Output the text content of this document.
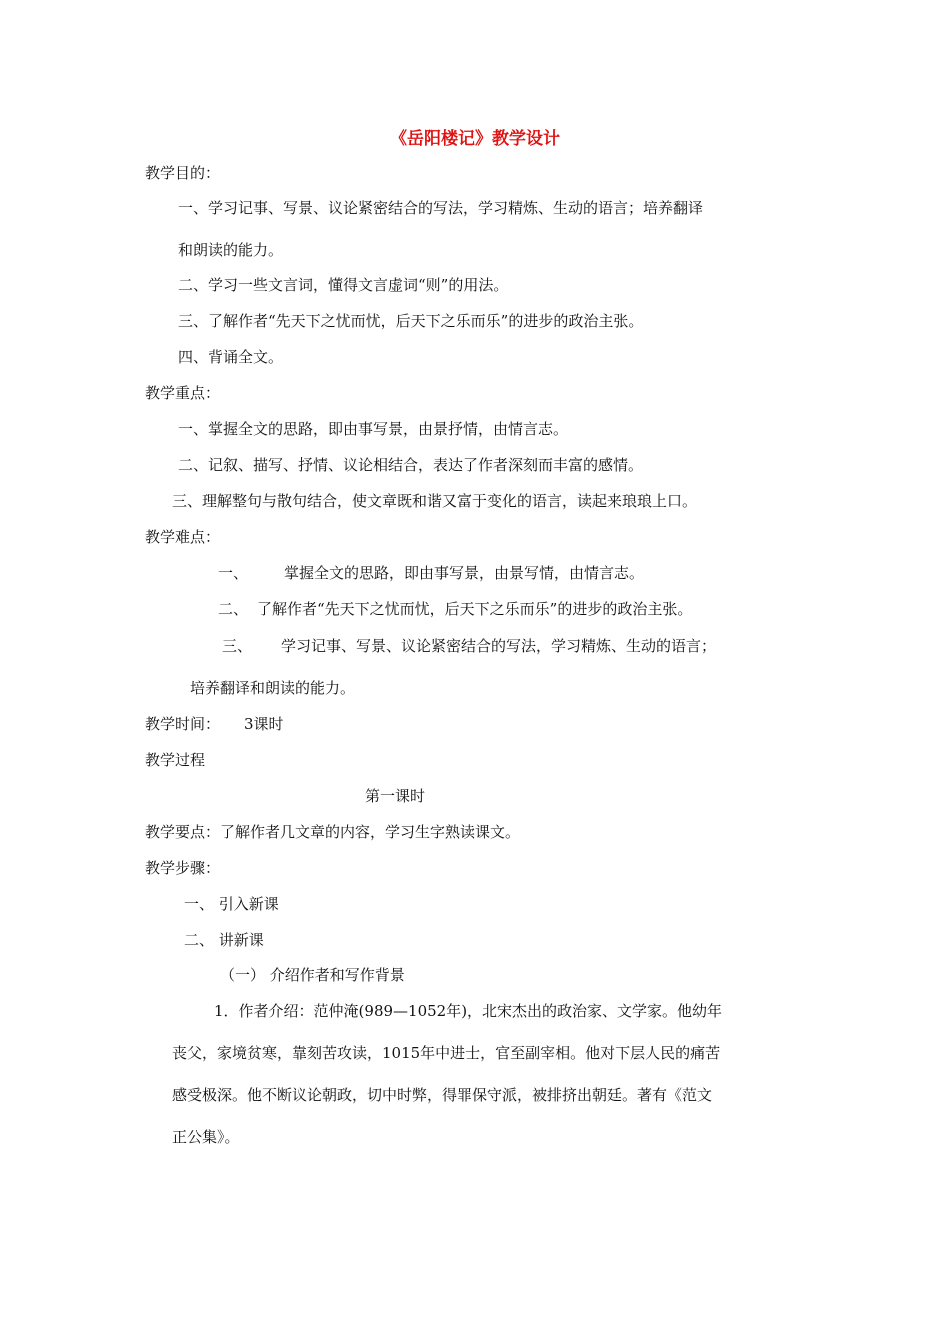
《岳阳楼记》教学设计
教学目的：
一、学习记事、写景、议论紧密结合的写法，学习精炼、生动的语言；培养翻译
和朗读的能力。
二、学习一些文言词，懂得文言虚词“则”的用法。
三、了解作者“先天下之忧而忧，后天下之乐而乐”的进步的政治主张。
四、背诵全文。
教学重点：
一、掌握全文的思路，即由事写景，由景抒情，由情言志。
二、记叙、描写、抒情、议论相结合，表达了作者深刻而丰富的感情。
三、理解整句与散句结合，使文章既和谐又富于变化的语言，读起来琅琅上口。
教学难点：
一、 掌握全文的思路，即由事写景，由景写情，由情言志。
二、 了解作者“先天下之忧而忧，后天下之乐而乐”的进步的政治主张。
三、 学习记事、写景、议论紧密结合的写法，学习精炼、生动的语言；
培养翻译和朗读的能力。
教学时间： 3课时
教学过程
第一课时
教学要点：了解作者几文章的内容，学习生字熟读课文。
教学步骤：
一、 引入新课
二、 讲新课
（一） 介绍作者和写作背景
1．作者介绍：范仲淹(989—1052年)，北宋杰出的政治家、文学家。他幼年
丧父，家境贫寒，靠刻苦攻读，1015年中进士，官至副宰相。他对下层人民的痛苦
感受极深。他不断议论朝政，切中时弊，得罪保守派，被排挤出朝廷。著有《范文
正公集》。
